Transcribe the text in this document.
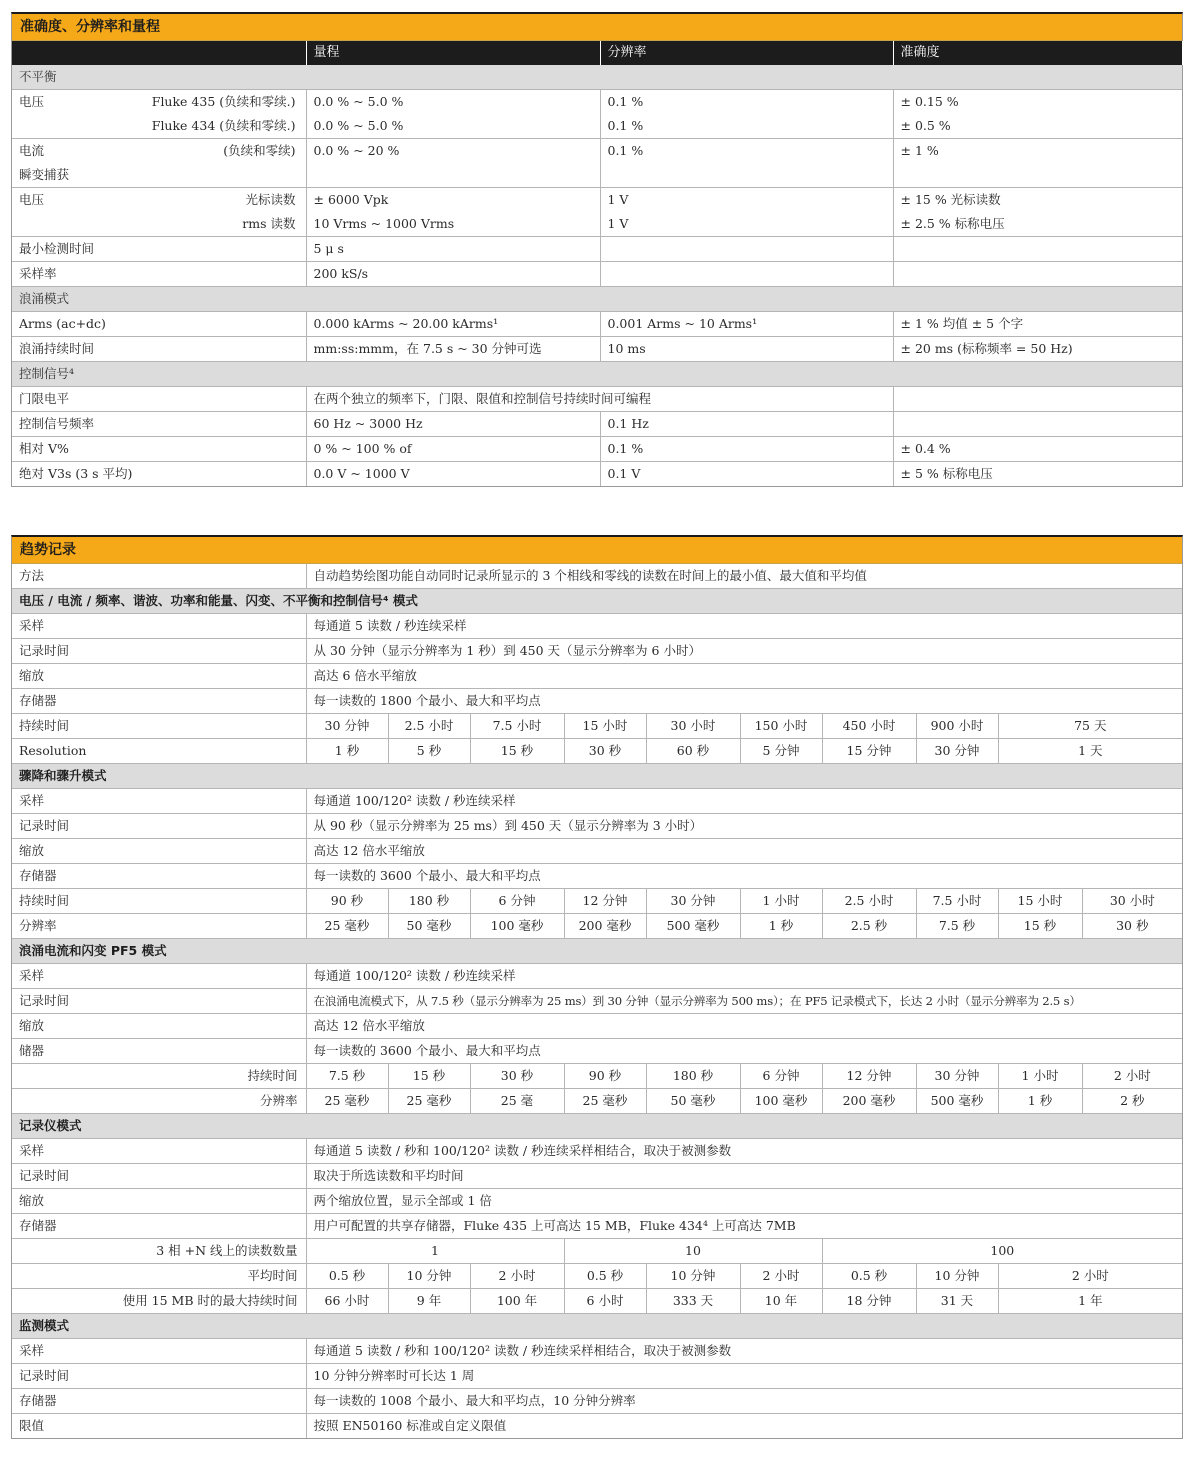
准确度、分辨率和量程
	量程	分辨率	准确度
不平衡			
电压 Fluke 435 (负续和零续.)	0.0 % ~ 5.0 %	0.1 %	± 0.15 %

Fluke 434 (负续和零续.)	0.0 % ~ 5.0 %	0.1 %	± 0.5 %
电流 (负续和零续)	0.0 % ~ 20 %	0.1 %	± 1 %
瞬变捕获			
电压 光标读数	± 6000 Vpk	1 V	± 15 % 光标读数

rms 读数	10 Vrms ~ 1000 Vrms	1 V	± 2.5 % 标称电压
最小检测时间	5 μ s		
采样率	200 kS/s		
浪涌模式			
Arms (ac+dc)	0.000 kArms ~ 20.00 kArms¹	0.001 Arms ~ 10 Arms¹	± 1 % 均值 ± 5 个字
浪涌持续时间	mm:ss:mmm，在 7.5 s ~ 30 分钟可选	10 ms	± 20 ms (标称频率 = 50 Hz)
控制信号⁴			
门限电平	在两个独立的频率下，门限、限值和控制信号持续时间可编程		
控制信号频率	60 Hz ~ 3000 Hz	0.1 Hz	
相对 V%	0 % ~ 100 % of	0.1 %	± 0.4 %
绝对 V3s (3 s 平均)	0.0 V ~ 1000 V	0.1 V	± 5 % 标称电压
趋势记录
方法	自动趋势绘图功能自动同时记录所显示的 3 个相线和零线的读数在时间上的最小值、最大值和平均值									
电压 / 电流 / 频率、谐波、功率和能量、闪变、不平衡和控制信号⁴ 模式										
采样	每通道 5 读数 / 秒连续采样									
记录时间	从 30 分钟（显示分辨率为 1 秒）到 450 天（显示分辨率为 6 小时）									
缩放	高达 6 倍水平缩放									
存储器	每一读数的 1800 个最小、最大和平均点									
持续时间	30 分钟	2.5 小时	7.5 小时	15 小时	30 小时	150 小时	450 小时	900 小时	75 天	
Resolution	1 秒	5 秒	15 秒	30 秒	60 秒	5 分钟	15 分钟	30 分钟	1 天	
骤降和骤升模式										
采样	每通道 100/120² 读数 / 秒连续采样									
记录时间	从 90 秒（显示分辨率为 25 ms）到 450 天（显示分辨率为 3 小时）									
缩放	高达 12 倍水平缩放									
存储器	每一读数的 3600 个最小、最大和平均点									
持续时间	90 秒	180 秒	6 分钟	12 分钟	30 分钟	1 小时	2.5 小时	7.5 小时	15 小时	30 小时
分辨率	25 毫秒	50 毫秒	100 毫秒	200 毫秒	500 毫秒	1 秒	2.5 秒	7.5 秒	15 秒	30 秒
浪涌电流和闪变 PF5 模式										
采样	每通道 100/120² 读数 / 秒连续采样									
记录时间	在浪涌电流模式下，从 7.5 秒（显示分辨率为 25 ms）到 30 分钟（显示分辨率为 500 ms）；在 PF5 记录模式下，长达 2 小时（显示分辨率为 2.5 s）									
缩放	高达 12 倍水平缩放									
储器	每一读数的 3600 个最小、最大和平均点									
持续时间	7.5 秒	15 秒	30 秒	90 秒	180 秒	6 分钟	12 分钟	30 分钟	1 小时	2 小时
分辨率	25 毫秒	25 毫秒	25 毫	25 毫秒	50 毫秒	100 毫秒	200 毫秒	500 毫秒	1 秒	2 秒
记录仪模式										
采样	每通道 5 读数 / 秒和 100/120² 读数 / 秒连续采样相结合，取决于被测参数									
记录时间	取决于所选读数和平均时间									
缩放	两个缩放位置，显示全部或 1 倍									
存储器	用户可配置的共享存储器，Fluke 435 上可高达 15 MB，Fluke 434⁴ 上可高达 7MB									
3 相 +N 线上的读数数量	1			10			100			
平均时间	0.5 秒	10 分钟	2 小时	0.5 秒	10 分钟	2 小时	0.5 秒	10 分钟	2 小时	
使用 15 MB 时的最大持续时间	66 小时	9 年	100 年	6 小时	333 天	10 年	18 分钟	31 天	1 年	
监测模式										
采样	每通道 5 读数 / 秒和 100/120² 读数 / 秒连续采样相结合，取决于被测参数									
记录时间	10 分钟分辨率时可长达 1 周									
存储器	每一读数的 1008 个最小、最大和平均点，10 分钟分辨率									
限值	按照 EN50160 标准或自定义限值									
